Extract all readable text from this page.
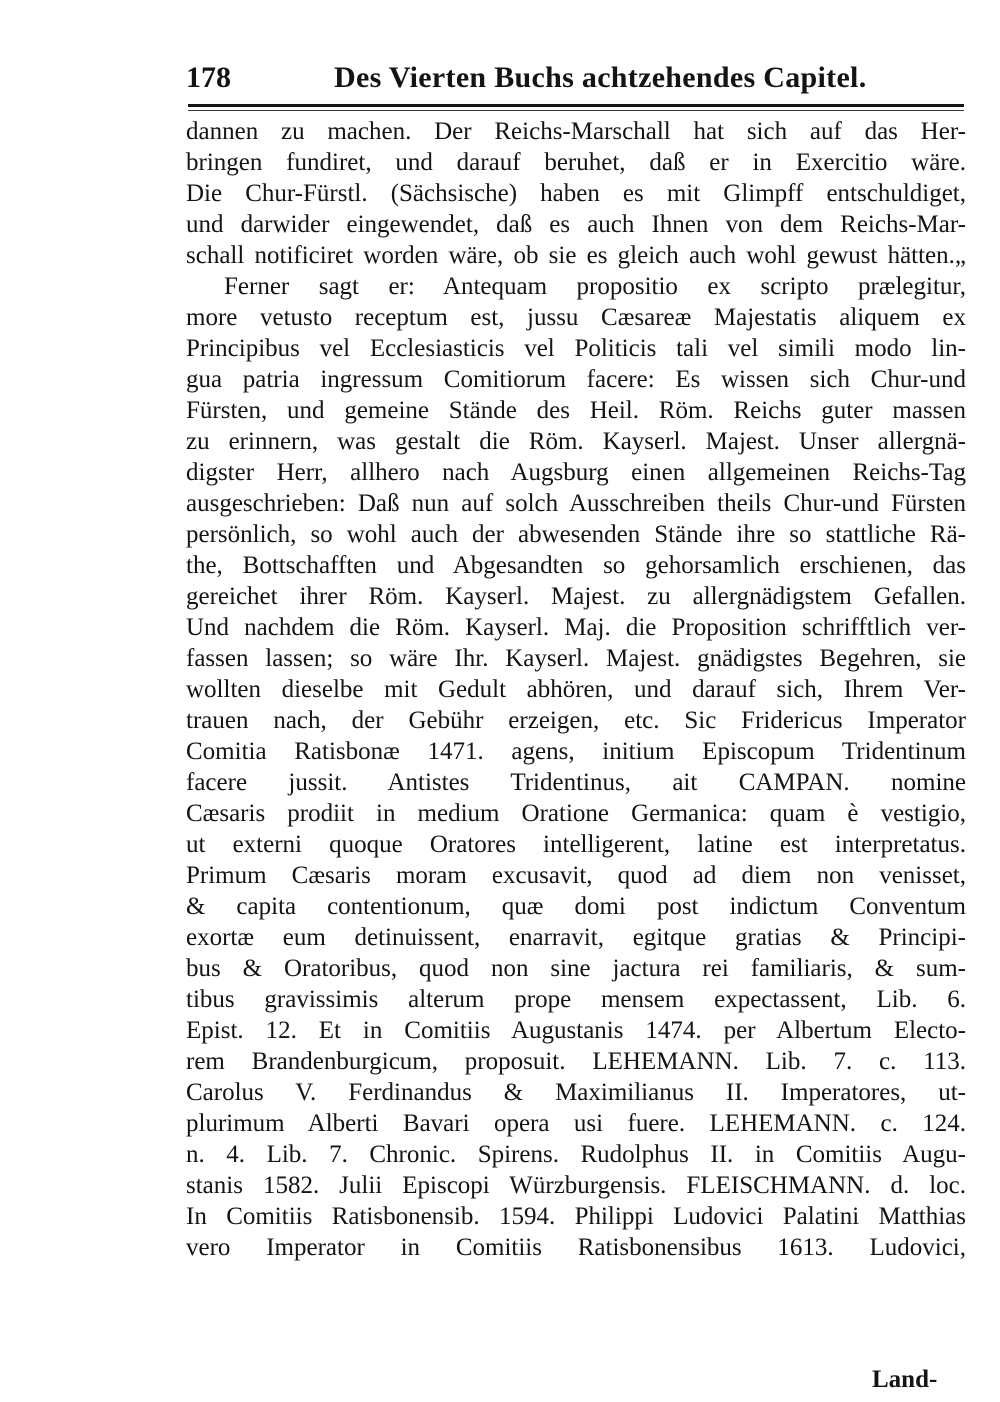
178	Des Vierten Buchs achtzehendes Capitel.
dannen zu machen. Der Reichs-Marschall hat sich auf das Her-
bringen fundiret, und darauf beruhet, daß er in Exercitio wäre.
Die Chur-Fürstl. (Sächsische) haben es mit Glimpff entschuldiget,
und darwider eingewendet, daß es auch Ihnen von dem Reichs-Mar-
schall notificiret worden wäre, ob sie es gleich auch wohl gewust hätten.„
Ferner sagt er: Antequam propositio ex scripto prælegitur,
more vetusto receptum est, jussu Cæsareæ Majestatis aliquem ex
Principibus vel Ecclesiasticis vel Politicis tali vel simili modo lin-
gua patria ingressum Comitiorum facere: Es wissen sich Chur-und
Fürsten, und gemeine Stände des Heil. Röm. Reichs guter massen
zu erinnern, was gestalt die Röm. Kayserl. Majest. Unser allergnä-
digster Herr, allhero nach Augsburg einen allgemeinen Reichs-Tag
ausgeschrieben: Daß nun auf solch Ausschreiben theils Chur-und Fürsten
persönlich, so wohl auch der abwesenden Stände ihre so stattliche Rä-
the, Bottschafften und Abgesandten so gehorsamlich erschienen, das
gereichet ihrer Röm. Kayserl. Majest. zu allergnädigstem Gefallen.
Und nachdem die Röm. Kayserl. Maj. die Proposition schrifftlich ver-
fassen lassen; so wäre Ihr. Kayserl. Majest. gnädigstes Begehren, sie
wollten dieselbe mit Gedult abhören, und darauf sich, Ihrem Ver-
trauen nach, der Gebühr erzeigen, etc. Sic Fridericus Imperator
Comitia Ratisbonæ 1471. agens, initium Episcopum Tridentinum
facere jussit. Antistes Tridentinus, ait CAMPAN. nomine
Cæsaris prodiit in medium Oratione Germanica: quam è vestigio,
ut externi quoque Oratores intelligerent, latine est interpretatus.
Primum Cæsaris moram excusavit, quod ad diem non venisset,
& capita contentionum, quæ domi post indictum Conventum
exortæ eum detinuissent, enarravit, egitque gratias & Principi-
bus & Oratoribus, quod non sine jactura rei familiaris, & sum-
tibus gravissimis alterum prope mensem expectassent, Lib. 6.
Epist. 12. Et in Comitiis Augustanis 1474. per Albertum Electo-
rem Brandenburgicum, proposuit. LEHEMANN. Lib. 7. c. 113.
Carolus V. Ferdinandus & Maximilianus II. Imperatores, ut-
plurimum Alberti Bavari opera usi fuere. LEHEMANN. c. 124.
n. 4. Lib. 7. Chronic. Spirens. Rudolphus II. in Comitiis Augu-
stanis 1582. Julii Episcopi Würzburgensis. FLEISCHMANN. d. loc.
In Comitiis Ratisbonensib. 1594. Philippi Ludovici Palatini Matthias
vero Imperator in Comitiis Ratisbonensibus 1613. Ludovici,
Land-
